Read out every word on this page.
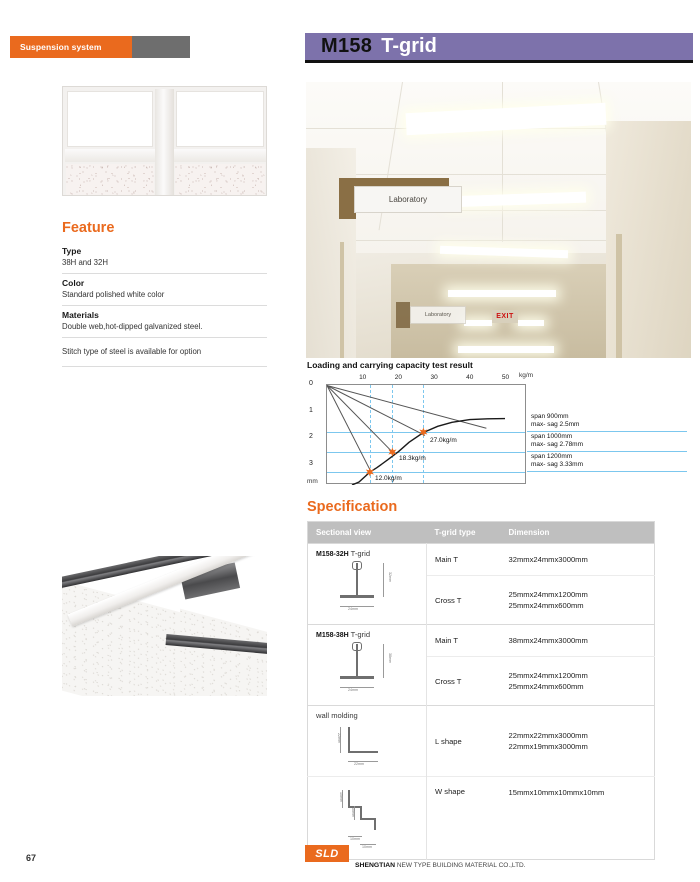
Suspension system
Feature
Type
38H and 32H
Color
Standard polished white color
Materials
Double web,hot-dipped galvanized steel.
Stitch type of steel is available for option
67
M158 T-grid
Laboratory
Laboratory	EXIT
Loading and carrying capacity test result
kg/m
mm
0
1
2
3
10	20	30	40	50
12.0kg/m
18.3kg/m
27.0kg/m
span 900mm
max- sag 2.5mm
span 1000mm
max- sag 2.78mm
span 1200mm
max- sag 3.33mm
Specification
Sectional view	T-grid type	Dimension

M158-32H T-grid
32mm
24mm	Main T	32mmx24mmx3000mm

	Cross T	25mmx24mmx1200mm
25mmx24mmx600mm

M158-38H T-grid
38mm
24mm	Main T	38mmx24mmx3000mm

	Cross T	25mmx24mmx1200mm
25mmx24mmx600mm

wall molding
22mm
22mm
	L shape	
22mmx22mmx3000mm
22mmx19mmx3000mm

15mm
10mm
10mm
10mm	W shape	15mmx10mmx10mmx10mm
SLD
SHENGTIAN NEW TYPE BUILDING MATERIAL CO.,LTD.
